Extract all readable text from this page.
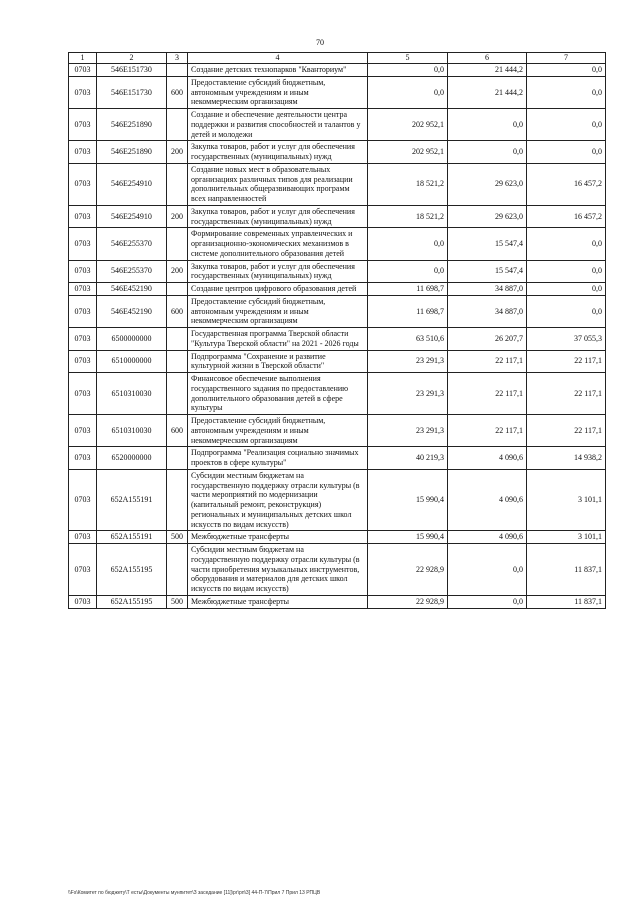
70
1	2	3	4	5	6	7
0703	546E151730		Создание детских технопарков "Кванториум"	0,0	21 444,2	0,0
0703	546E151730	600	Предоставление субсидий бюджетным, автономным учреждениям и иным некоммерческим организациям	0,0	21 444,2	0,0
0703	546E251890		Создание и обеспечение деятельности центра поддержки и развития способностей и талантов у детей и молодежи	202 952,1	0,0	0,0
0703	546E251890	200	Закупка товаров, работ и услуг для обеспечения государственных (муниципальных) нужд	202 952,1	0,0	0,0
0703	546E254910		Создание новых мест в образовательных организациях различных типов для реализации дополнительных общеразвивающих программ всех направленностей	18 521,2	29 623,0	16 457,2
0703	546E254910	200	Закупка товаров, работ и услуг для обеспечения государственных (муниципальных) нужд	18 521,2	29 623,0	16 457,2
0703	546E255370		Формирование современных управленческих и организационно-экономических механизмов в системе дополнительного образования детей	0,0	15 547,4	0,0
0703	546E255370	200	Закупка товаров, работ и услуг для обеспечения государственных (муниципальных) нужд	0,0	15 547,4	0,0
0703	546E452190		Создание центров цифрового образования детей	11 698,7	34 887,0	0,0
0703	546E452190	600	Предоставление субсидий бюджетным, автономным учреждениям и иным некоммерческим организациям	11 698,7	34 887,0	0,0
0703	6500000000		Государственная программа Тверской области "Культура Тверской области" на 2021 - 2026 годы	63 510,6	26 207,7	37 055,3
0703	6510000000		Подпрограмма "Сохранение и развитие культурной жизни в Тверской области"	23 291,3	22 117,1	22 117,1
0703	6510310030		Финансовое обеспечение выполнения государственного задания по предоставлению дополнительного образования детей в сфере культуры	23 291,3	22 117,1	22 117,1
0703	6510310030	600	Предоставление субсидий бюджетным, автономным учреждениям и иным некоммерческим организациям	23 291,3	22 117,1	22 117,1
0703	6520000000		Подпрограмма "Реализация социально значимых проектов в сфере культуры"	40 219,3	4 090,6	14 938,2
0703	652A155191		Субсидии местным бюджетам на государственную поддержку отрасли культуры (в части мероприятий по модернизации (капитальный ремонт, реконструкция) региональных и муниципальных детских школ искусств по видам искусств)	15 990,4	4 090,6	3 101,1
0703	652A155191	500	Межбюджетные трансферты	15 990,4	4 090,6	3 101,1
0703	652A155195		Субсидии местным бюджетам на государственную поддержку отрасли культуры (в части приобретения музыкальных инструментов, оборудования и материалов для детских школ искусств по видам искусств)	22 928,9	0,0	11 837,1
0703	652A155195	500	Межбюджетные трансферты	22 928,9	0,0	11 837,1
\\Fs\Комитет по бюджету\Т есты\Документы мунпитет\З заседание [11]\рг\рп\3] 44-П-7\Прил 7 Прил 13 РПЦВ
